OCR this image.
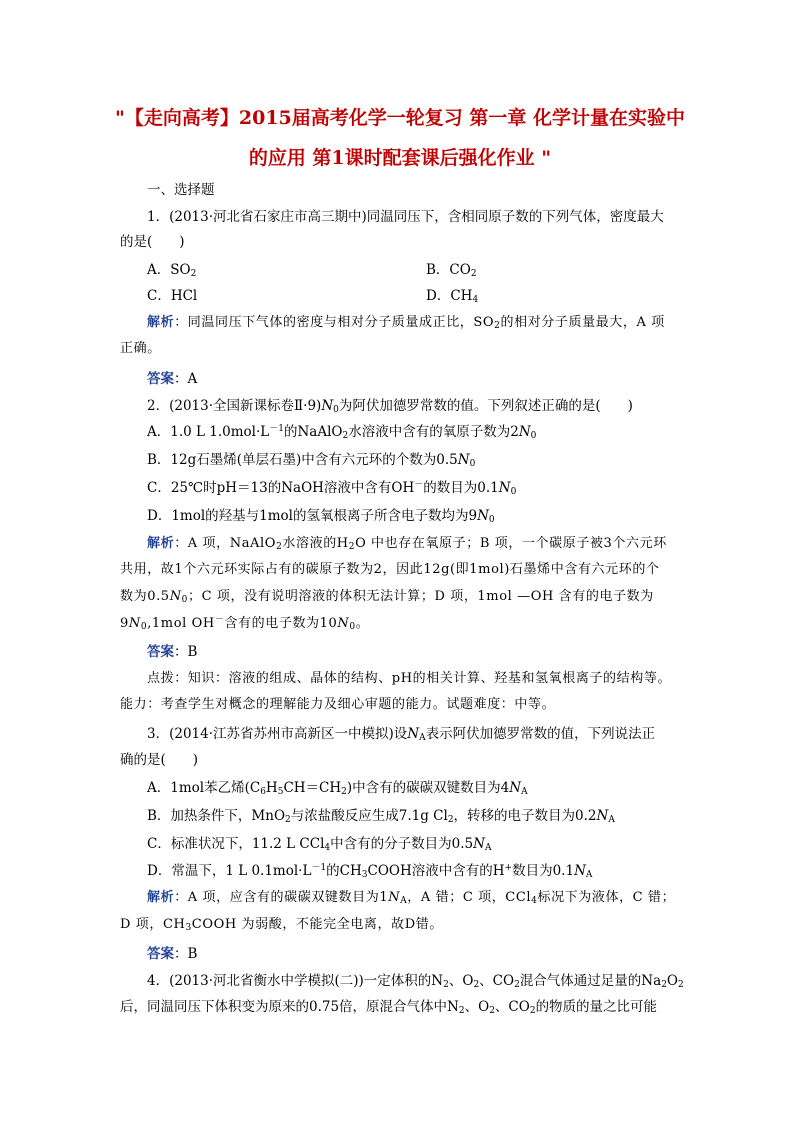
"【走向高考】2015届高考化学一轮复习 第一章 化学计量在实验中
的应用 第1课时配套课后强化作业 "
一、选择题
1．(2013·河北省石家庄市高三期中)同温同压下，含相同原子数的下列气体，密度最大
的是(　　)
A．$SO_2$	B．$CO_2$
C．HCl	D．$CH_4$
解析：同温同压下气体的密度与相对分子质量成正比，$SO_2$的相对分子质量最大，A 项
正确。
答案：A
2．(2013·全国新课标卷$Ⅱ\cdot 9)N_0$为阿伏加德罗常数的值。下列叙述正确的是(　　)
A．1.0 L $1.0mol\cdot L^{-1}$的NaAlO$_2$水溶液中含有的氧原子数为$2N_0$
B．12g石墨烯(单层石墨)中含有六元环的个数为$0.5N_0$
C．25℃时pH＝13的NaOH溶液中含有OH－的数目为$0.1N_0$
D．1mol的羟基与1mol的氢氧根离子所含电子数均为$9N_0$
解析：A 项，NaAlO$_2$水溶液的$H_2O$ 中也存在氧原子；B 项，一个碳原子被3个六元环
共用，故1个六元环实际占有的碳原子数为2，因此12g(即1mol)石墨烯中含有六元环的个
数为$0.5N_0$；C 项，没有说明溶液的体积无法计算；D 项，1mol —OH 含有的电子数为
$9N_0,1mol$ OH－含有的电子数为$10N_0$。
答案：B
点拨：知识：溶液的组成、晶体的结构、pH的相关计算、羟基和氢氧根离子的结构等。
能力：考查学生对概念的理解能力及细心审题的能力。试题难度：中等。
3．(2014·江苏省苏州市高新区一中模拟)设$N_A$表示阿伏加德罗常数的值，下列说法正
确的是(　　)
A．1mol苯乙烯$(C_6H_5CH=CH_2)$中含有的碳碳双键数目为$4N_A$
B．加热条件下，MnO$_2$与浓盐酸反应生成7.1g $Cl_2$，转移的电子数目为$0.2N_A$
C．标准状况下，11.2 L CCl$_4$中含有的分子数目为$0.5N_A$
D．常温下，1 L $0.1mol\cdot L^{-1}$的$CH_3COOH$溶液中含有的H+数目为$0.1N_A$
解析：A 项，应含有的碳碳双键数目为$1N_A$，A 错；C 项，CCl$_4$标况下为液体，C 错；
D 项，$CH_3COOH$ 为弱酸，不能完全电离，故D错。
答案：B
4．(2013·河北省衡水中学模拟(二))一定体积的$N_2$、$O_2$、$CO_2$混合气体通过足量的$Na_2O_2$
后，同温同压下体积变为原来的0.75倍，原混合气体中$N_2$、$O_2$、$CO_2$的物质的量之比可能
